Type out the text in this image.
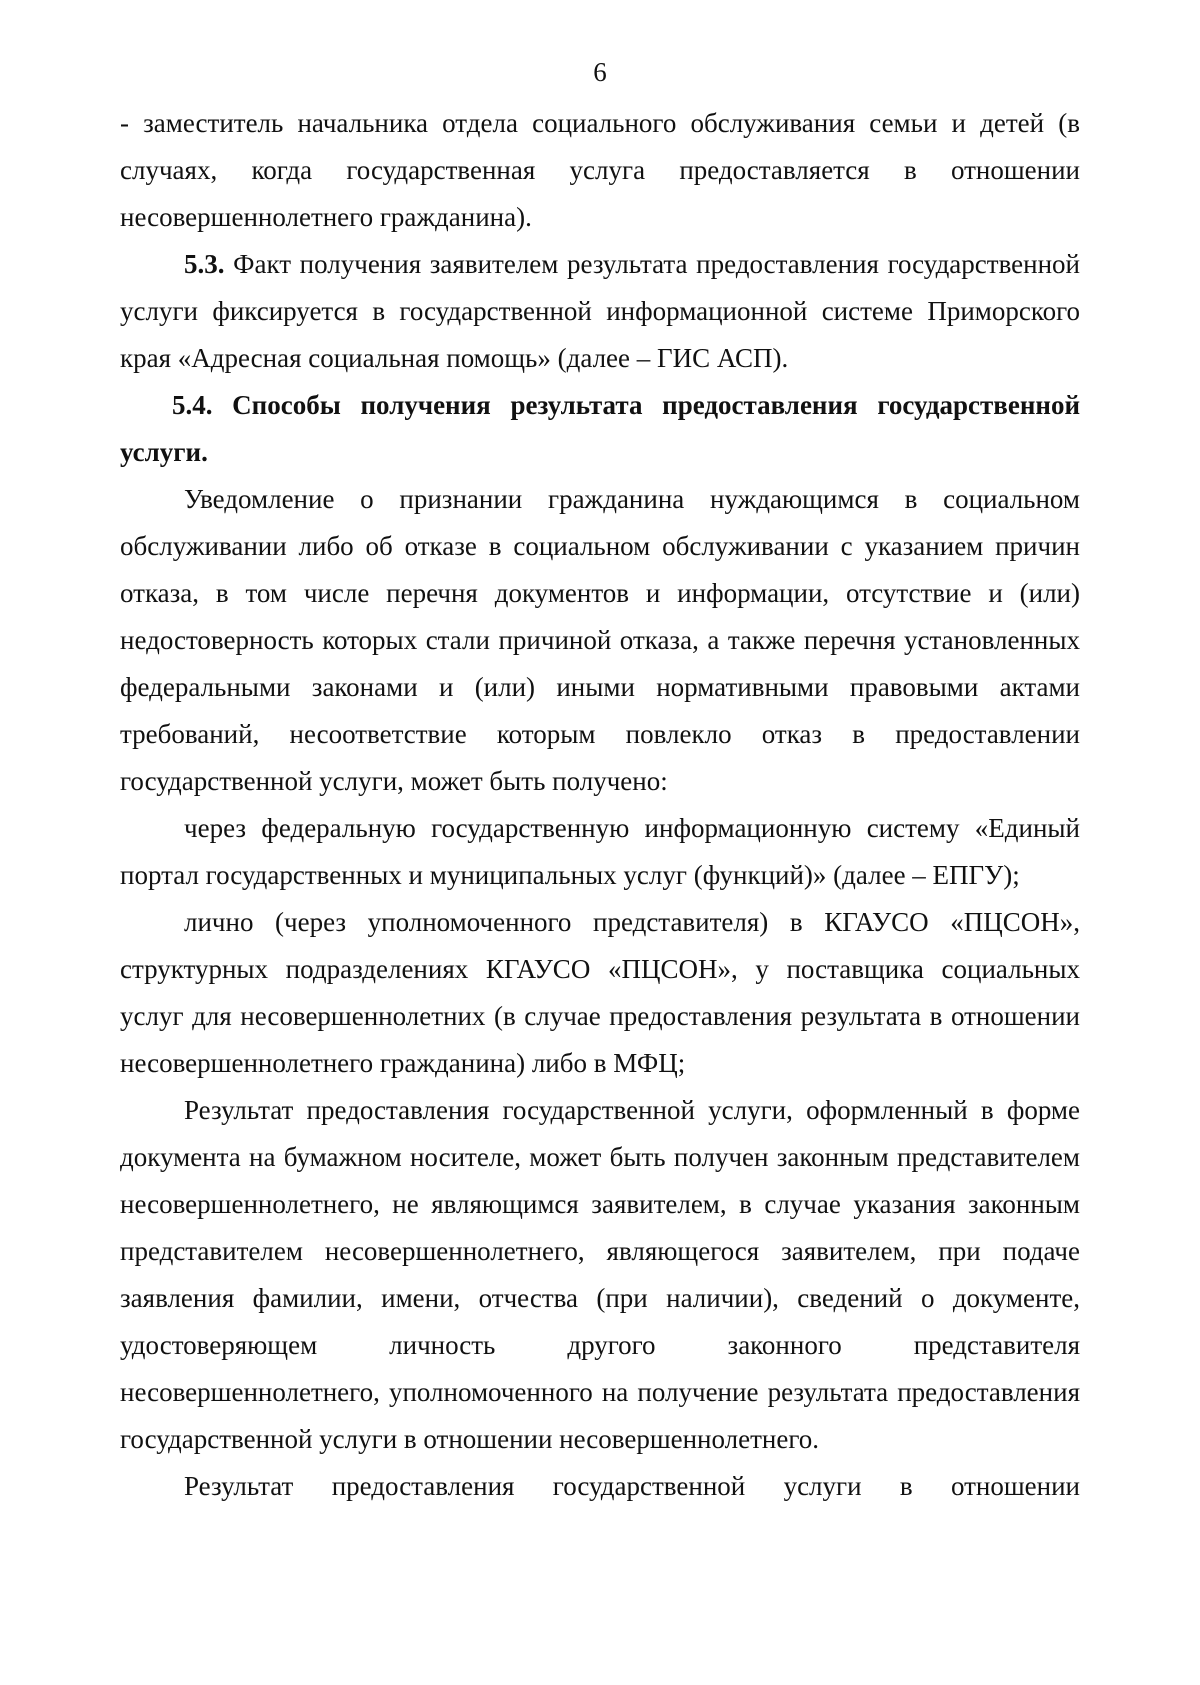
6

- заместитель начальника отдела социального обслуживания семьи и детей (в случаях, когда государственная услуга предоставляется в отношении несовершеннолетнего гражданина).

5.3. Факт получения заявителем результата предоставления государственной услуги фиксируется в государственной информационной системе Приморского края «Адресная социальная помощь» (далее – ГИС АСП).

5.4. Способы получения результата предоставления государственной услуги.

Уведомление о признании гражданина нуждающимся в социальном обслуживании либо об отказе в социальном обслуживании с указанием причин отказа, в том числе перечня документов и информации, отсутствие и (или) недостоверность которых стали причиной отказа, а также перечня установленных федеральными законами и (или) иными нормативными правовыми актами требований, несоответствие которым повлекло отказ в предоставлении государственной услуги, может быть получено:

через федеральную государственную информационную систему «Единый портал государственных и муниципальных услуг (функций)» (далее – ЕПГУ);

лично (через уполномоченного представителя) в КГАУСО «ПЦСОН», структурных подразделениях КГАУСО «ПЦСОН», у поставщика социальных услуг для несовершеннолетних (в случае предоставления результата в отношении несовершеннолетнего гражданина) либо в МФЦ;

Результат предоставления государственной услуги, оформленный в форме документа на бумажном носителе, может быть получен законным представителем несовершеннолетнего, не являющимся заявителем, в случае указания законным представителем несовершеннолетнего, являющегося заявителем, при подаче заявления фамилии, имени, отчества (при наличии), сведений о документе, удостоверяющем личность другого законного представителя несовершеннолетнего, уполномоченного на получение результата предоставления государственной услуги в отношении несовершеннолетнего.

Результат предоставления государственной услуги в отношении
